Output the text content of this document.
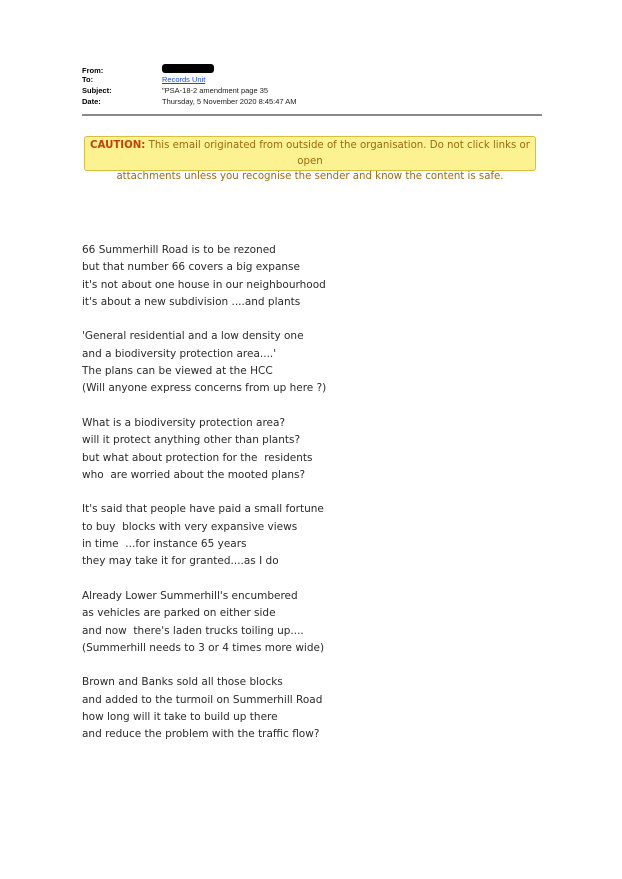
From:
To:	Records Unit
Subject:	"PSA-18-2 amendment page 35
Date:	Thursday, 5 November 2020 8:45:47 AM
CAUTION: This email originated from outside of the organisation. Do not click links or open
attachments unless you recognise the sender and know the content is safe.
66 Summerhill Road is to be rezoned
but that number 66 covers a big expanse
it's not about one house in our neighbourhood
it's about a new subdivision ....and plants
'General residential and a low density one
and a biodiversity protection area....'
The plans can be viewed at the HCC
(Will anyone express concerns from up here ?)
What is a biodiversity protection area?
will it protect anything other than plants?
but what about protection for the  residents
who  are worried about the mooted plans?
It's said that people have paid a small fortune
to buy  blocks with very expansive views
in time  ...for instance 65 years
they may take it for granted....as I do
Already Lower Summerhill's encumbered
as vehicles are parked on either side
and now  there's laden trucks toiling up....
(Summerhill needs to 3 or 4 times more wide)
Brown and Banks sold all those blocks
and added to the turmoil on Summerhill Road
how long will it take to build up there
and reduce the problem with the traffic flow?
